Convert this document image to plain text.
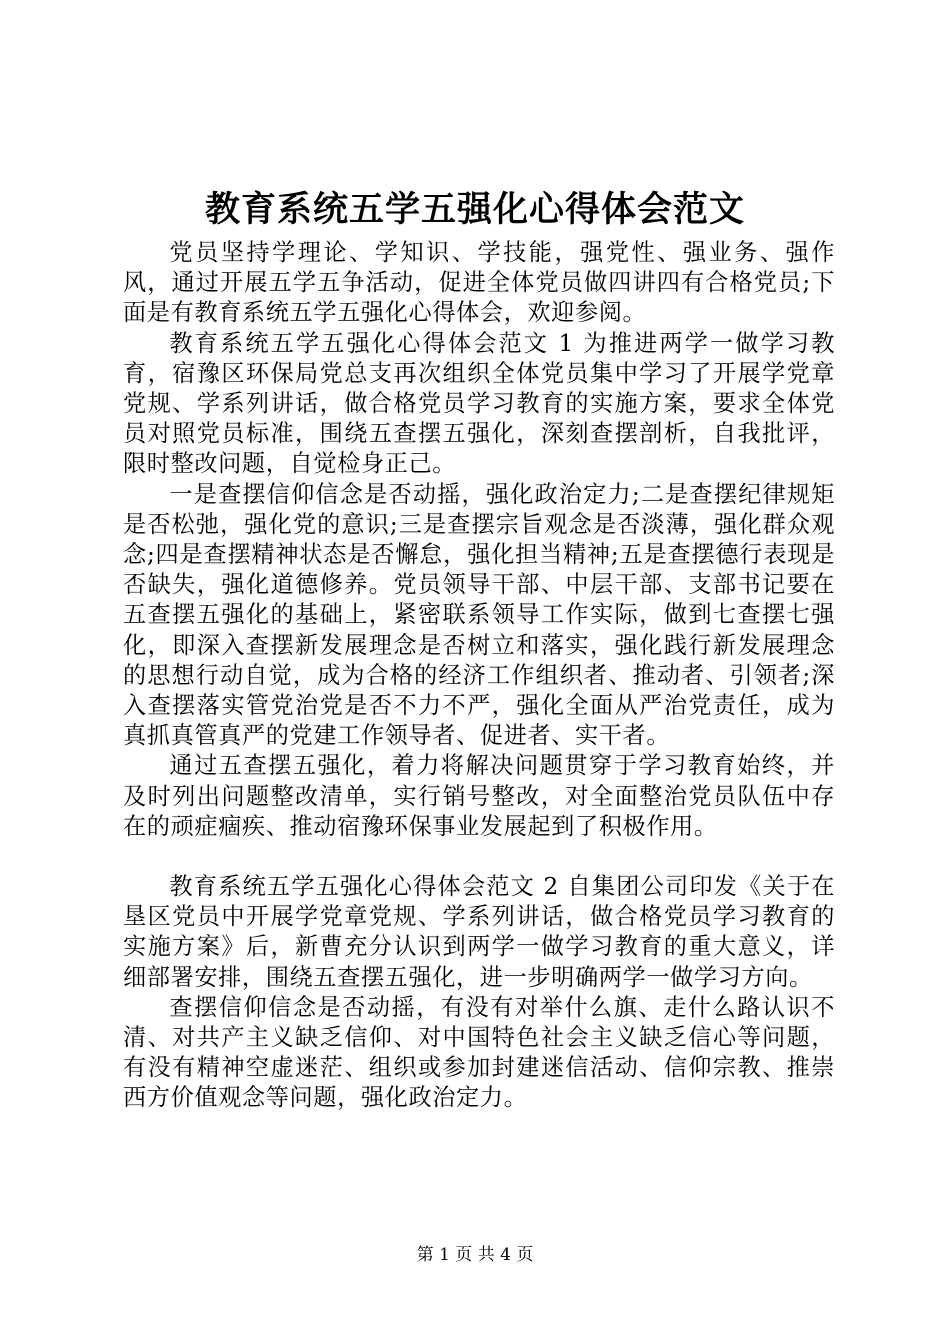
教育系统五学五强化心得体会范文

党员坚持学理论、学知识、学技能，强党性、强业务、强作风，通过开展五学五争活动，促进全体党员做四讲四有合格党员;下面是有教育系统五学五强化心得体会，欢迎参阅。

教育系统五学五强化心得体会范文 1 为推进两学一做学习教育，宿豫区环保局党总支再次组织全体党员集中学习了开展学党章党规、学系列讲话，做合格党员学习教育的实施方案，要求全体党员对照党员标准，围绕五查摆五强化，深刻查摆剖析，自我批评，限时整改问题，自觉检身正己。

一是查摆信仰信念是否动摇，强化政治定力;二是查摆纪律规矩是否松弛，强化党的意识;三是查摆宗旨观念是否淡薄，强化群众观念;四是查摆精神状态是否懈怠，强化担当精神;五是查摆德行表现是否缺失，强化道德修养。党员领导干部、中层干部、支部书记要在五查摆五强化的基础上，紧密联系领导工作实际，做到七查摆七强化，即深入查摆新发展理念是否树立和落实，强化践行新发展理念的思想行动自觉，成为合格的经济工作组织者、推动者、引领者;深入查摆落实管党治党是否不力不严，强化全面从严治党责任，成为真抓真管真严的党建工作领导者、促进者、实干者。

通过五查摆五强化，着力将解决问题贯穿于学习教育始终，并及时列出问题整改清单，实行销号整改，对全面整治党员队伍中存在的顽症痼疾、推动宿豫环保事业发展起到了积极作用。

教育系统五学五强化心得体会范文 2 自集团公司印发《关于在垦区党员中开展学党章党规、学系列讲话，做合格党员学习教育的实施方案》后，新曹充分认识到两学一做学习教育的重大意义，详细部署安排，围绕五查摆五强化，进一步明确两学一做学习方向。

查摆信仰信念是否动摇，有没有对举什么旗、走什么路认识不清、对共产主义缺乏信仰、对中国特色社会主义缺乏信心等问题，有没有精神空虚迷茫、组织或参加封建迷信活动、信仰宗教、推崇西方价值观念等问题，强化政治定力。

第 1 页 共 4 页
